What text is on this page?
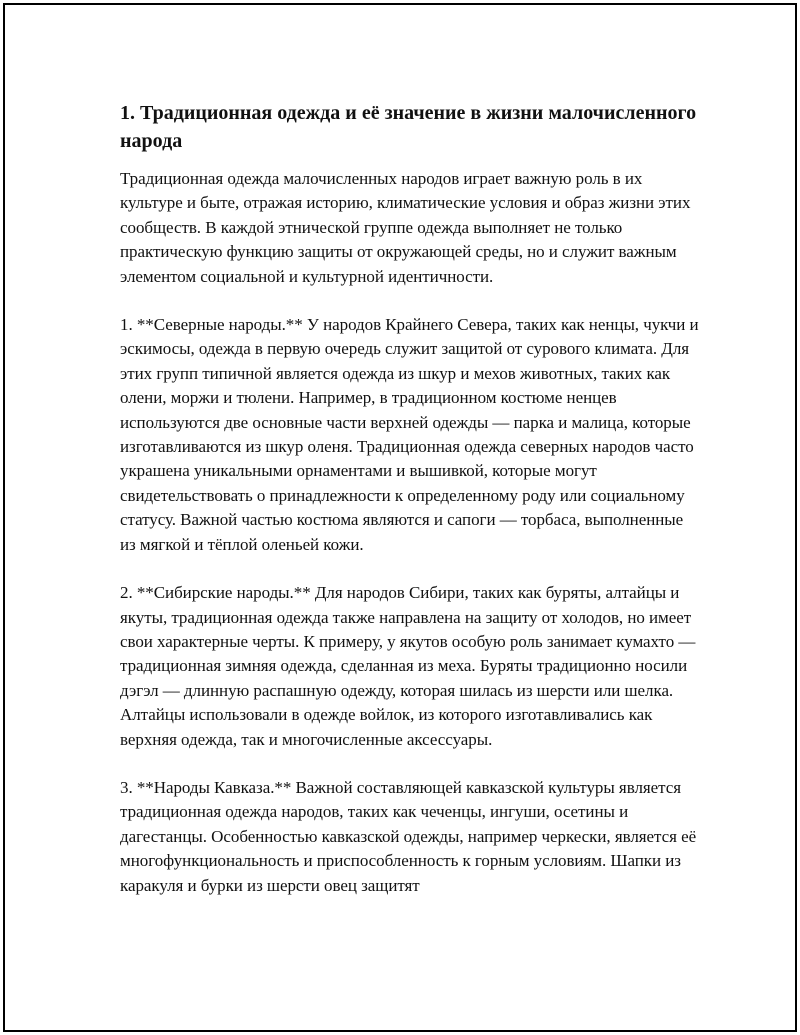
1. Традиционная одежда и её значение в жизни малочисленного народа

Традиционная одежда малочисленных народов играет важную роль в их культуре и быте, отражая историю, климатические условия и образ жизни этих сообществ. В каждой этнической группе одежда выполняет не только практическую функцию защиты от окружающей среды, но и служит важным элементом социальной и культурной идентичности.

1. **Северные народы.** У народов Крайнего Севера, таких как ненцы, чукчи и эскимосы, одежда в первую очередь служит защитой от сурового климата. Для этих групп типичной является одежда из шкур и мехов животных, таких как олени, моржи и тюлени. Например, в традиционном костюме ненцев используются две основные части верхней одежды — парка и малица, которые изготавливаются из шкур оленя. Традиционная одежда северных народов часто украшена уникальными орнаментами и вышивкой, которые могут свидетельствовать о принадлежности к определенному роду или социальному статусу. Важной частью костюма являются и сапоги — торбаса, выполненные из мягкой и тёплой оленьей кожи.

2. **Сибирские народы.** Для народов Сибири, таких как буряты, алтайцы и якуты, традиционная одежда также направлена на защиту от холодов, но имеет свои характерные черты. К примеру, у якутов особую роль занимает кумахто — традиционная зимняя одежда, сделанная из меха. Буряты традиционно носили дэгэл — длинную распашную одежду, которая шилась из шерсти или шелка. Алтайцы использовали в одежде войлок, из которого изготавливались как верхняя одежда, так и многочисленные аксессуары.

3. **Народы Кавказа.** Важной составляющей кавказской культуры является традиционная одежда народов, таких как чеченцы, ингуши, осетины и дагестанцы. Особенностью кавказской одежды, например черкески, является её многофункциональность и приспособленность к горным условиям. Шапки из каракуля и бурки из шерсти овец защитят
